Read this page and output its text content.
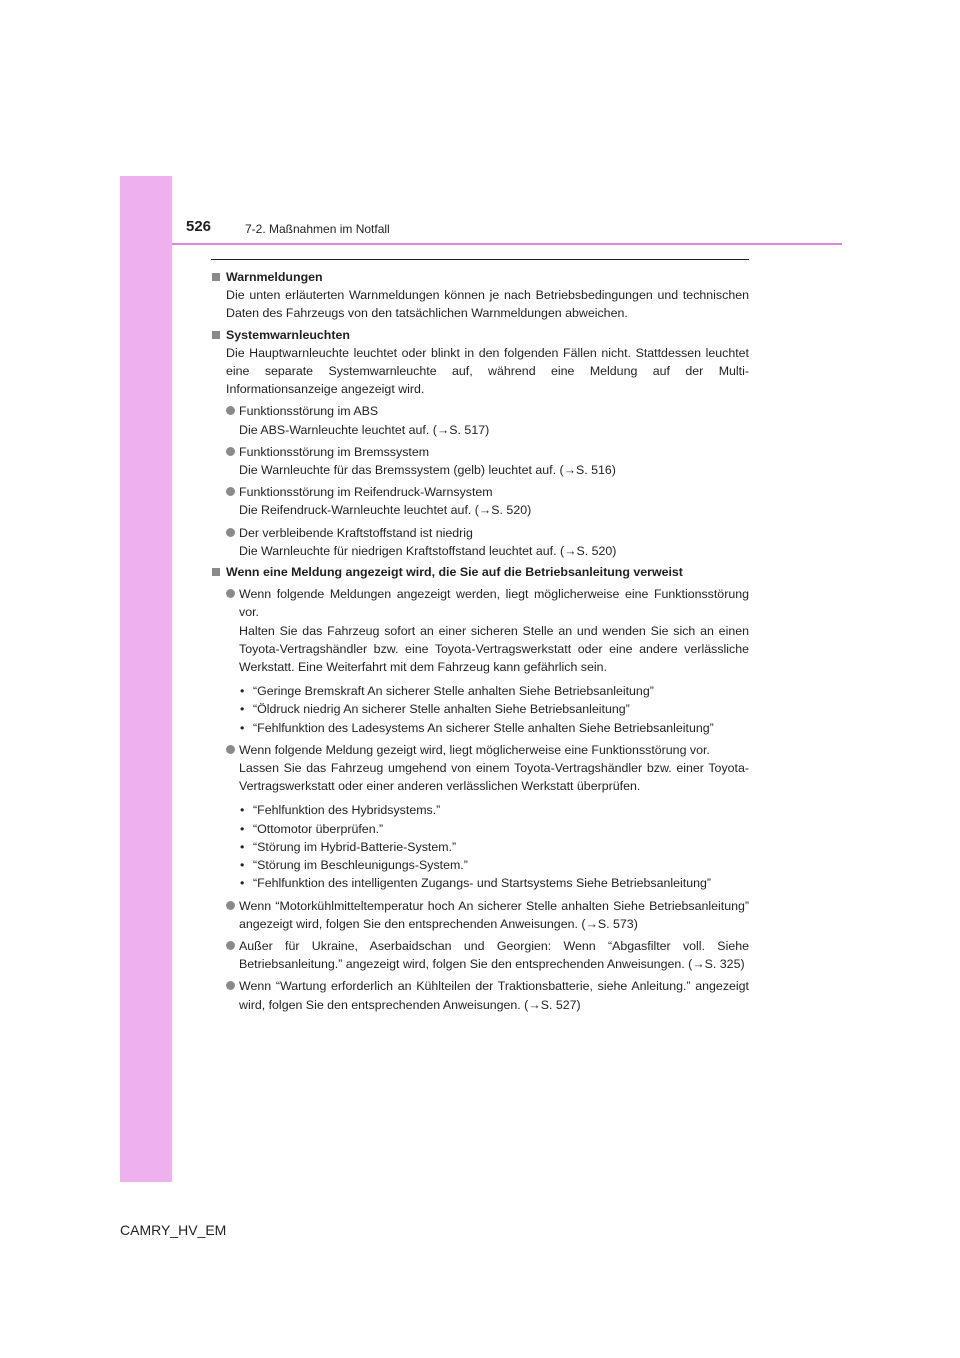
526	7-2. Maßnahmen im Notfall
Warnmeldungen
Die unten erläuterten Warnmeldungen können je nach Betriebsbedingungen und technischen Daten des Fahrzeugs von den tatsächlichen Warnmeldungen abweichen.
Systemwarnleuchten
Die Hauptwarnleuchte leuchtet oder blinkt in den folgenden Fällen nicht. Stattdessen leuchtet eine separate Systemwarnleuchte auf, während eine Meldung auf der Multi-Informationsanzeige angezeigt wird.
Funktionsstörung im ABS
Die ABS-Warnleuchte leuchtet auf. (→S. 517)
Funktionsstörung im Bremssystem
Die Warnleuchte für das Bremssystem (gelb) leuchtet auf. (→S. 516)
Funktionsstörung im Reifendruck-Warnsystem
Die Reifendruck-Warnleuchte leuchtet auf. (→S. 520)
Der verbleibende Kraftstoffstand ist niedrig
Die Warnleuchte für niedrigen Kraftstoffstand leuchtet auf. (→S. 520)
Wenn eine Meldung angezeigt wird, die Sie auf die Betriebsanleitung verweist
Wenn folgende Meldungen angezeigt werden, liegt möglicherweise eine Funktionsstörung vor.
Halten Sie das Fahrzeug sofort an einer sicheren Stelle an und wenden Sie sich an einen Toyota-Vertragshändler bzw. eine Toyota-Vertragswerkstatt oder eine andere verlässliche Werkstatt. Eine Weiterfahrt mit dem Fahrzeug kann gefährlich sein.
• “Geringe Bremskraft An sicherer Stelle anhalten Siehe Betriebsanleitung”
• “Öldruck niedrig An sicherer Stelle anhalten Siehe Betriebsanleitung”
• “Fehlfunktion des Ladesystems An sicherer Stelle anhalten Siehe Betriebsanleitung”
Wenn folgende Meldung gezeigt wird, liegt möglicherweise eine Funktionsstörung vor.
Lassen Sie das Fahrzeug umgehend von einem Toyota-Vertragshändler bzw. einer Toyota-Vertragswerkstatt oder einer anderen verlässlichen Werkstatt überprüfen.
• “Fehlfunktion des Hybridsystems.”
• “Ottomotor überprüfen.”
• “Störung im Hybrid-Batterie-System.”
• “Störung im Beschleunigungs-System.”
• “Fehlfunktion des intelligenten Zugangs- und Startsystems Siehe Betriebsanleitung”
Wenn “Motorkühlmitteltemperatur hoch An sicherer Stelle anhalten Siehe Betriebsanleitung” angezeigt wird, folgen Sie den entsprechenden Anweisungen. (→S. 573)
Außer für Ukraine, Aserbaidschan und Georgien: Wenn “Abgasfilter voll. Siehe Betriebsanleitung.” angezeigt wird, folgen Sie den entsprechenden Anweisungen. (→S. 325)
Wenn “Wartung erforderlich an Kühlteilen der Traktionsbatterie, siehe Anleitung.” angezeigt wird, folgen Sie den entsprechenden Anweisungen. (→S. 527)
CAMRY_HV_EM
